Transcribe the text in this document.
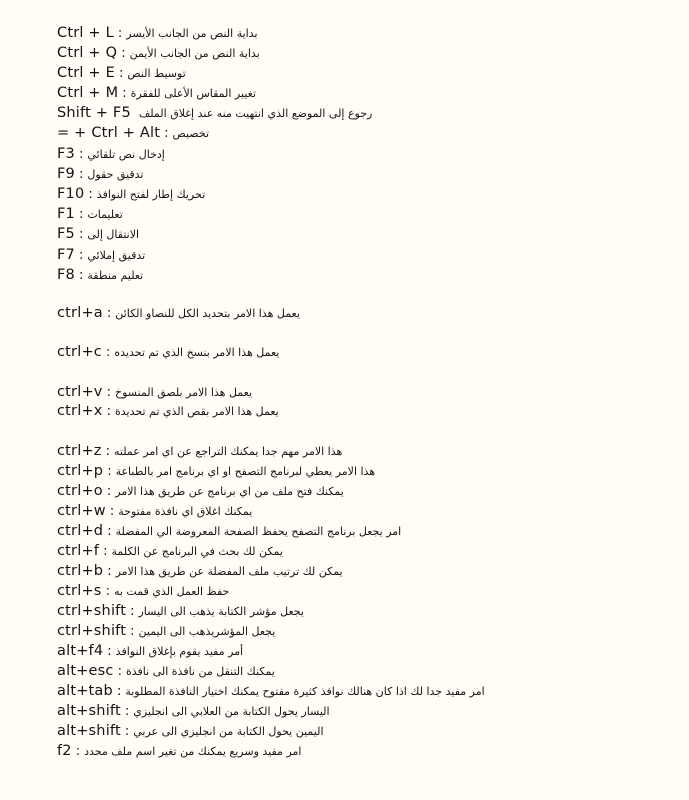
Ctrl + L : بداية النص من الجانب الأيسر
Ctrl + Q : بداية النص من الجانب الأيمن
Ctrl + E : توسيط النص
Ctrl + M : تغيير المقاس الأعلى للفقرة
Shift + F5 رجوع إلى الموضع الذي انتهيت منه عند إغلاق الملف
= + Ctrl + Alt : تخصيص
F3 : إدخال نص تلقائي
F9 : تدقيق حقول
F10 : تحريك إطار لفتح النوافذ
F1 : تعليمات
F5 : الانتقال إلى
F7 : تدقيق إملائي
F8 : تعليم منطقة
ctrl+a : يعمل هذا الامر بتحديد الكل للنصاو الكائن
ctrl+c : يعمل هذا الامر بنسخ الذي تم تحديده
ctrl+v : يعمل هذا الامر بلصق المنسوخ
ctrl+x : يعمل هذا الامر بقص الذي تم تحديدة
ctrl+z : هذا الامر مهم جدا يمكنك التراجع عن اي امر عملته
ctrl+p : هذا الامر يعطي لبرنامج التصفح او اي برنامج امر بالطباعة
ctrl+o : يمكنك فتح ملف من اي برنامج عن طريق هذا الامر
ctrl+w : يمكنك اغلاق اي نافذة مفتوحة
ctrl+d : امر يجعل برنامج التصفح يحفظ الصفحة المعروضة الي المفضلة
ctrl+f : يمكن لك بحث في البرنامج عن الكلمة
ctrl+b : يمكن لك ترتيب ملف المفضلة عن طريق هذا الامر
ctrl+s : حفظ العمل الذي قمت به
ctrl+shift : يجعل مؤشر الكتابة يذهب الى اليسار
ctrl+shift : يجعل المؤشريذهب الى اليمين
alt+f4 : أمر مفيد يقوم بإغلاق النوافذ
alt+esc : يمكنك التنقل من نافذة الى نافذة
alt+tab : امر مفيد جدا لك اذا كان هنالك نوافذ كثيرة مفتوح يمكنك اختيار النافذة المطلوبة
alt+shift : اليسار يحول الكتابة من العلابي الى انجليزي
alt+shift : اليمين يحول الكتابة من انجليزي الى عربي
f2 : امر مفيد وسريع يمكنك من تغير اسم ملف محدد
